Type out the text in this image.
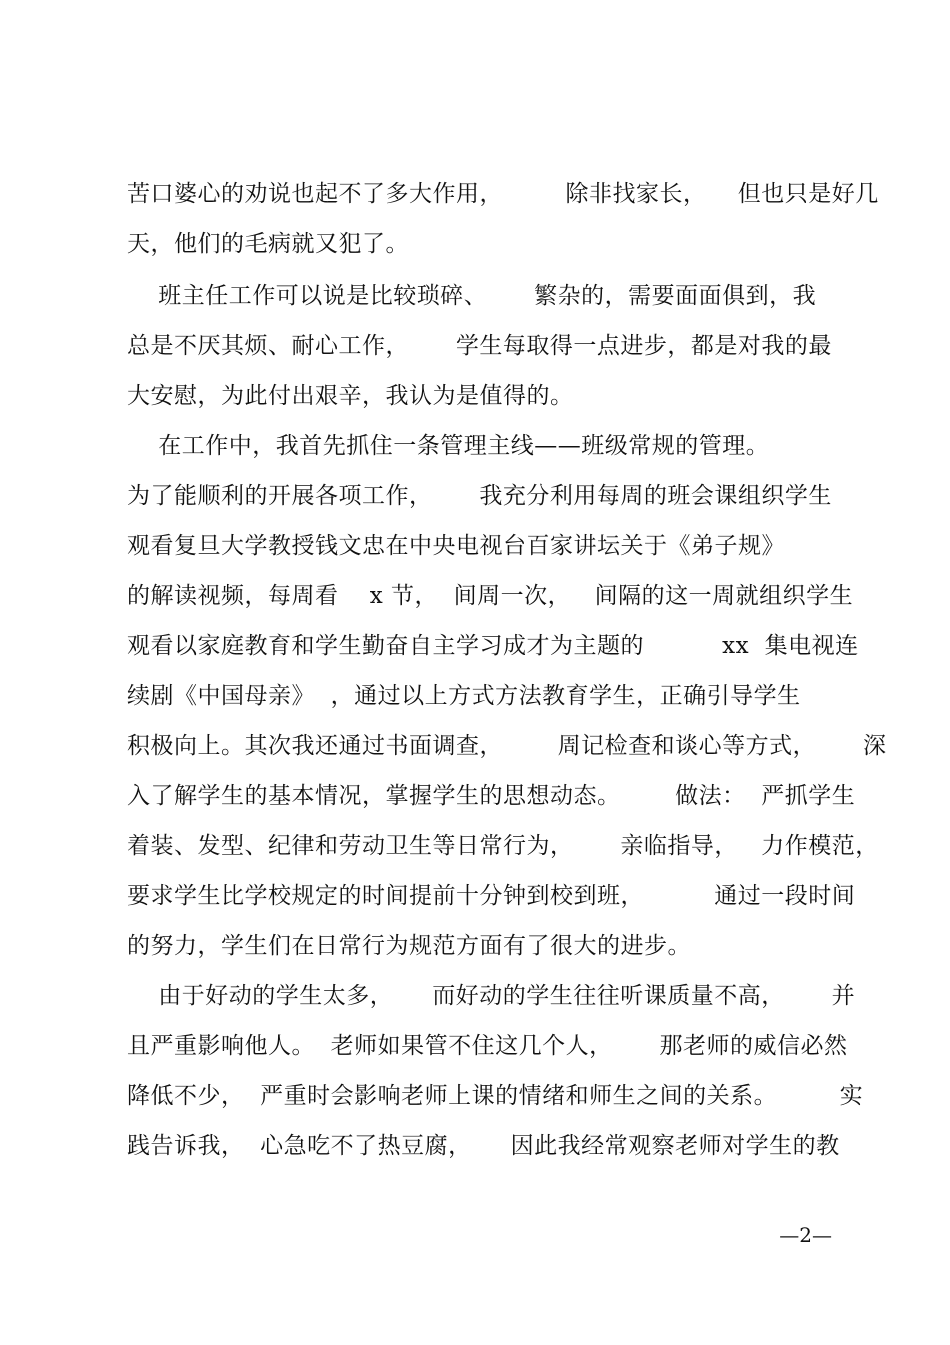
苦口婆心的劝说也起不了多大作用，        除非找家长，    但也只是好几
天，他们的毛病就又犯了。
班主任工作可以说是比较琐碎、      繁杂的，需要面面俱到，我
总是不厌其烦、耐心工作，      学生每取得一点进步，都是对我的最
大安慰，为此付出艰辛，我认为是值得的。
在工作中，我首先抓住一条管理主线——班级常规的管理。
为了能顺利的开展各项工作，      我充分利用每周的班会课组织学生
观看复旦大学教授钱文忠在中央电视台百家讲坛关于《弟子规》
的解读视频，每周看    x 节，  间周一次，   间隔的这一周就组织学生
观看以家庭教育和学生勤奋自主学习成才为主题的          xx  集电视连
续剧《中国母亲》  ，通过以上方式方法教育学生，正确引导学生
积极向上。其次我还通过书面调查，       周记检查和谈心等方式，      深
入了解学生的基本情况，掌握学生的思想动态。       做法：  严抓学生
着装、发型、纪律和劳动卫生等日常行为，      亲临指导，   力作模范，
要求学生比学校规定的时间提前十分钟到校到班，         通过一段时间
的努力，学生们在日常行为规范方面有了很大的进步。
由于好动的学生太多，     而好动的学生往往听课质量不高，      并
且严重影响他人。  老师如果管不住这几个人，      那老师的威信必然
降低不少，  严重时会影响老师上课的情绪和师生之间的关系。        实
践告诉我，  心急吃不了热豆腐，     因此我经常观察老师对学生的教
—2—
